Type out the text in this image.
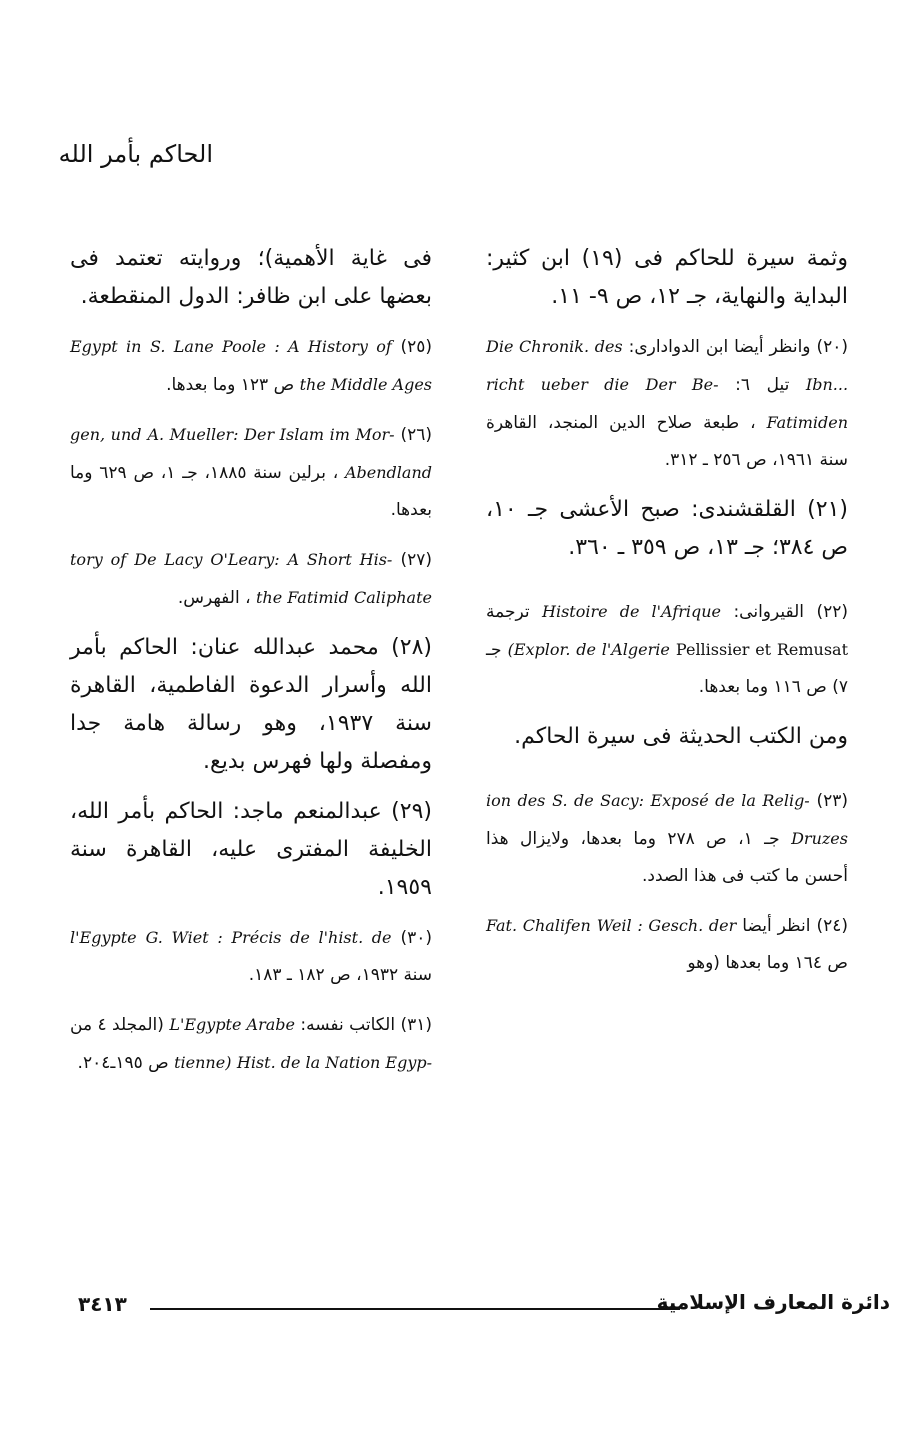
الحاكم بأمر الله
وثمة سيرة للحاكم فى (١٩) ابن كثير: البداية والنهاية، جـ ١٢، ص ٩- ١١.
(٢٠) وانظر أيضا ابن الدوادارى: Die Chronik. des Ibn... تيل ٦: Der Be- richt ueber die Fatimiden ، طبعة صلاح الدين المنجد، القاهرة سنة ١٩٦١، ص ٢٥٦ ـ ٣١٢.
(٢١) القلقشندى: صبح الأعشى جـ ١٠، ص ٣٨٤؛ جـ ١٣، ص ٣٥٩ ـ ٣٦٠.
(٢٢) القيروانى: Histoire de l'Afrique ترجمة Pellissier et Remusat (Explor. de l'Algerie جـ ٧) ص ١١٦ وما بعدها.
ومن الكتب الحديثة فى سيرة الحاكم.
(٢٣) S. de Sacy: Exposé de la Relig- ion des Druzes جـ ١، ص ٢٧٨ وما بعدها، ولايزال هذا أحسن ما كتب فى هذا الصدد.
(٢٤) انظر أيضا Weil : Gesch. der Fat. Chalifen ص ١٦٤ وما بعدها (وهو
فى غاية الأهمية)؛ وروايته تعتمد فى بعضها على ابن ظافر: الدول المنقطعة.
(٢٥) S. Lane Poole : A History of Egypt in the Middle Ages ص ١٢٣ وما بعدها.
(٢٦) A. Mueller: Der Islam im Mor- gen, und Abendland ، برلين سنة ١٨٨٥، جـ ١، ص ٦٢٩ وما بعدها.
(٢٧) De Lacy O'Leary: A Short His- tory of the Fatimid Caliphate ، الفهرس.
(٢٨) محمد عبدالله عنان: الحاكم بأمر الله وأسرار الدعوة الفاطمية، القاهرة سنة ١٩٣٧، وهو رسالة هامة جدا ومفصلة ولها فهرس بديع.
(٢٩) عبدالمنعم ماجد: الحاكم بأمر الله، الخليفة المفترى عليه، القاهرة سنة ١٩٥٩.
(٣٠) G. Wiet : Précis de l'hist. de l'Egypte سنة ١٩٣٢، ص ١٨٢ ـ ١٨٣.
(٣١) الكاتب نفسه: L'Egypte Arabe (المجلد ٤ من Hist. de la Nation Egyp- tienne) ص ١٩٥ـ٢٠٤.
دائرة المعارف الإسلامية
٣٤١٣
